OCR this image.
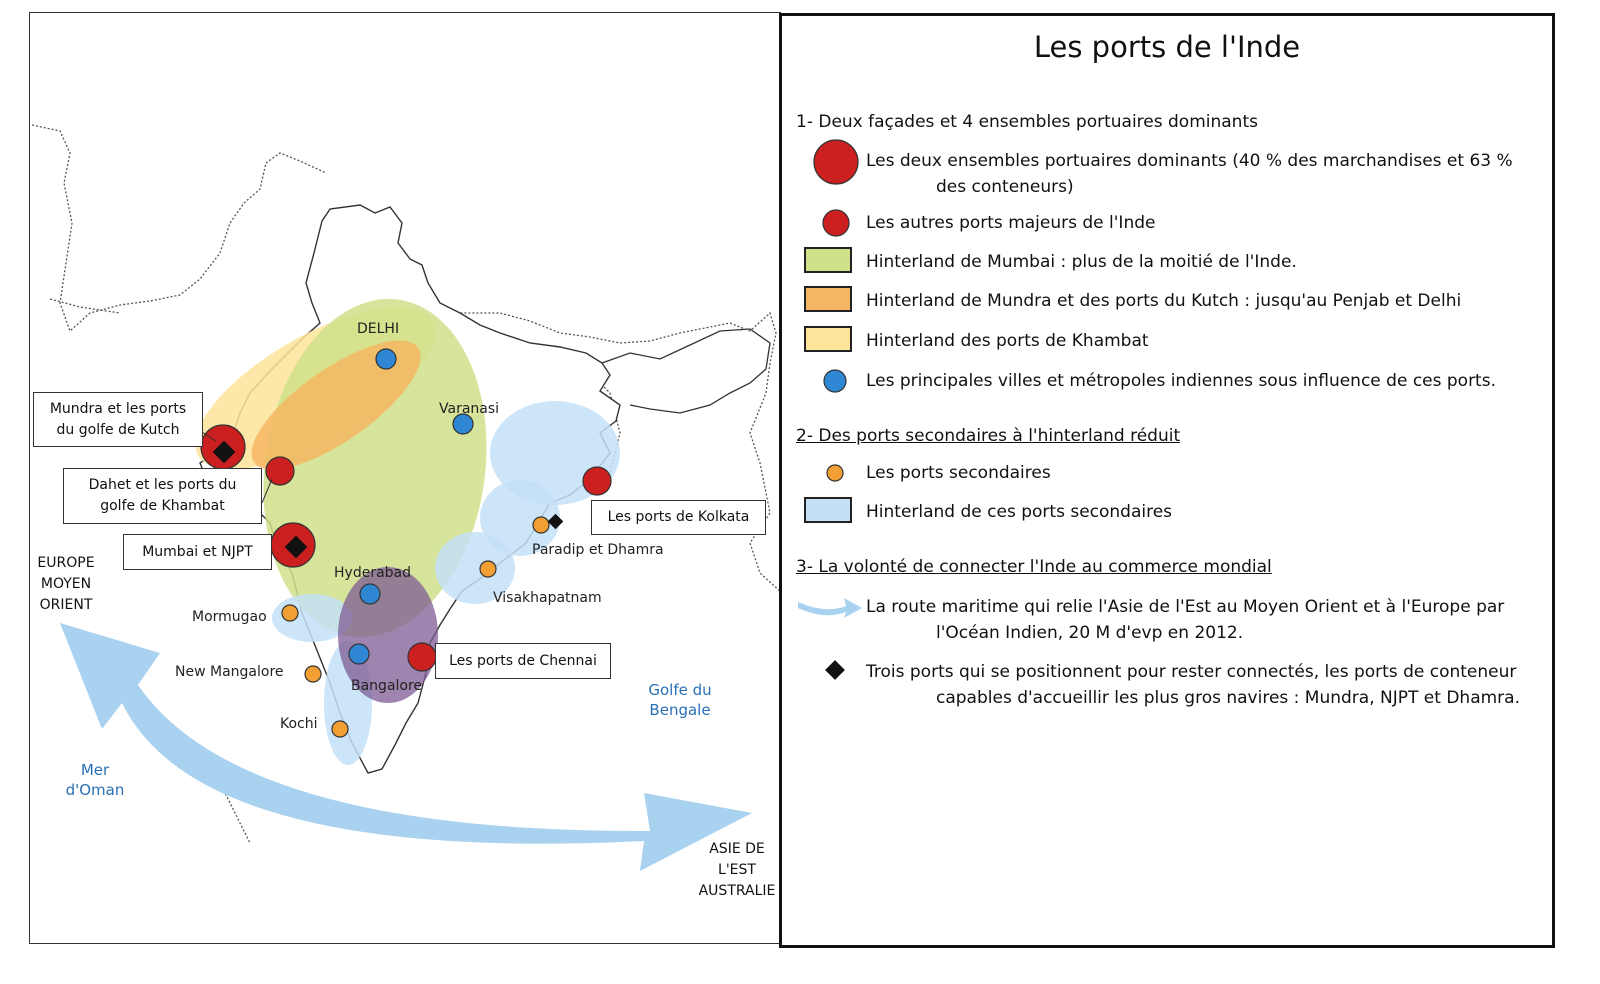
DELHI
Varanasi
Hyderabad
Bangalore
Mormugao
New Mangalore
Kochi
Visakhapatnam
Paradip et Dhamra
Mundra et les ports
du golfe de Kutch
Dahet et les ports du
golfe de Khambat
Mumbai et NJPT
Les ports de Chennai
Les ports de Kolkata
Mer
d'Oman
Golfe du
Bengale
EUROPE
MOYEN
ORIENT
ASIE DE
L'EST
AUSTRALIE
Les ports de l'Inde
1- Deux façades et 4 ensembles portuaires dominants
Les deux ensembles portuaires dominants (40 % des marchandises et 63 %
des conteneurs)
Les autres ports majeurs de l'Inde
Hinterland de Mumbai : plus de la moitié de l'Inde.
Hinterland de Mundra et des ports du Kutch : jusqu'au Penjab et Delhi
Hinterland des ports de Khambat
Les principales villes et métropoles indiennes sous influence de ces ports.
2- Des ports secondaires à l'hinterland réduit
Les ports secondaires
Hinterland de ces ports secondaires
3- La volonté de connecter l'Inde au commerce mondial
La route maritime qui relie l'Asie de l'Est au Moyen Orient et à l'Europe par
l'Océan Indien, 20 M d'evp en 2012.
Trois ports qui se positionnent pour rester connectés, les ports de conteneur
capables d'accueillir les plus gros navires : Mundra, NJPT et Dhamra.
